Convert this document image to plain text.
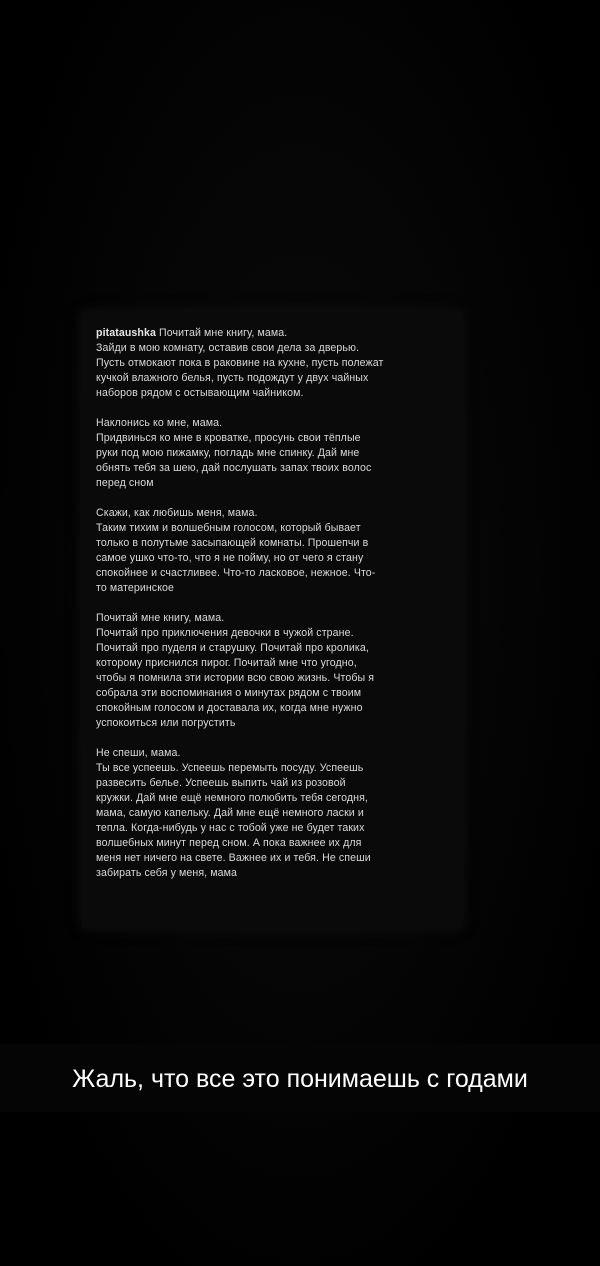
pitataushka Почитай мне книгу, мама.

Зайди в мою комнату, оставив свои дела за дверью.

Пусть отмокают пока в раковине на кухне, пусть полежат

кучкой влажного белья, пусть подождут у двух чайных

наборов рядом с остывающим чайником.

Наклонись ко мне, мама.

Придвинься ко мне в кроватке, просунь свои тёплые

руки под мою пижамку, погладь мне спинку. Дай мне

обнять тебя за шею, дай послушать запах твоих волос

перед сном

Скажи, как любишь меня, мама.

Таким тихим и волшебным голосом, который бывает

только в полутьме засыпающей комнаты. Прошепчи в

самое ушко что-то, что я не пойму, но от чего я стану

спокойнее и счастливее. Что-то ласковое, нежное. Что-

то материнское

Почитай мне книгу, мама.

Почитай про приключения девочки в чужой стране.

Почитай про пуделя и старушку. Почитай про кролика,

которому приснился пирог. Почитай мне что угодно,

чтобы я помнила эти истории всю свою жизнь. Чтобы я

собрала эти воспоминания о минутах рядом с твоим

спокойным голосом и доставала их, когда мне нужно

успокоиться или погрустить

Не спеши, мама.

Ты все успеешь. Успеешь перемыть посуду. Успеешь

развесить белье. Успеешь выпить чай из розовой

кружки. Дай мне ещё немного полюбить тебя сегодня,

мама, самую капельку. Дай мне ещё немного ласки и

тепла. Когда-нибудь у нас с тобой уже не будет таких

волшебных минут перед сном. А пока важнее их для

меня нет ничего на свете. Важнее их и тебя. Не спеши

забирать себя у меня, мама

Жаль, что все это понимаешь с годами
